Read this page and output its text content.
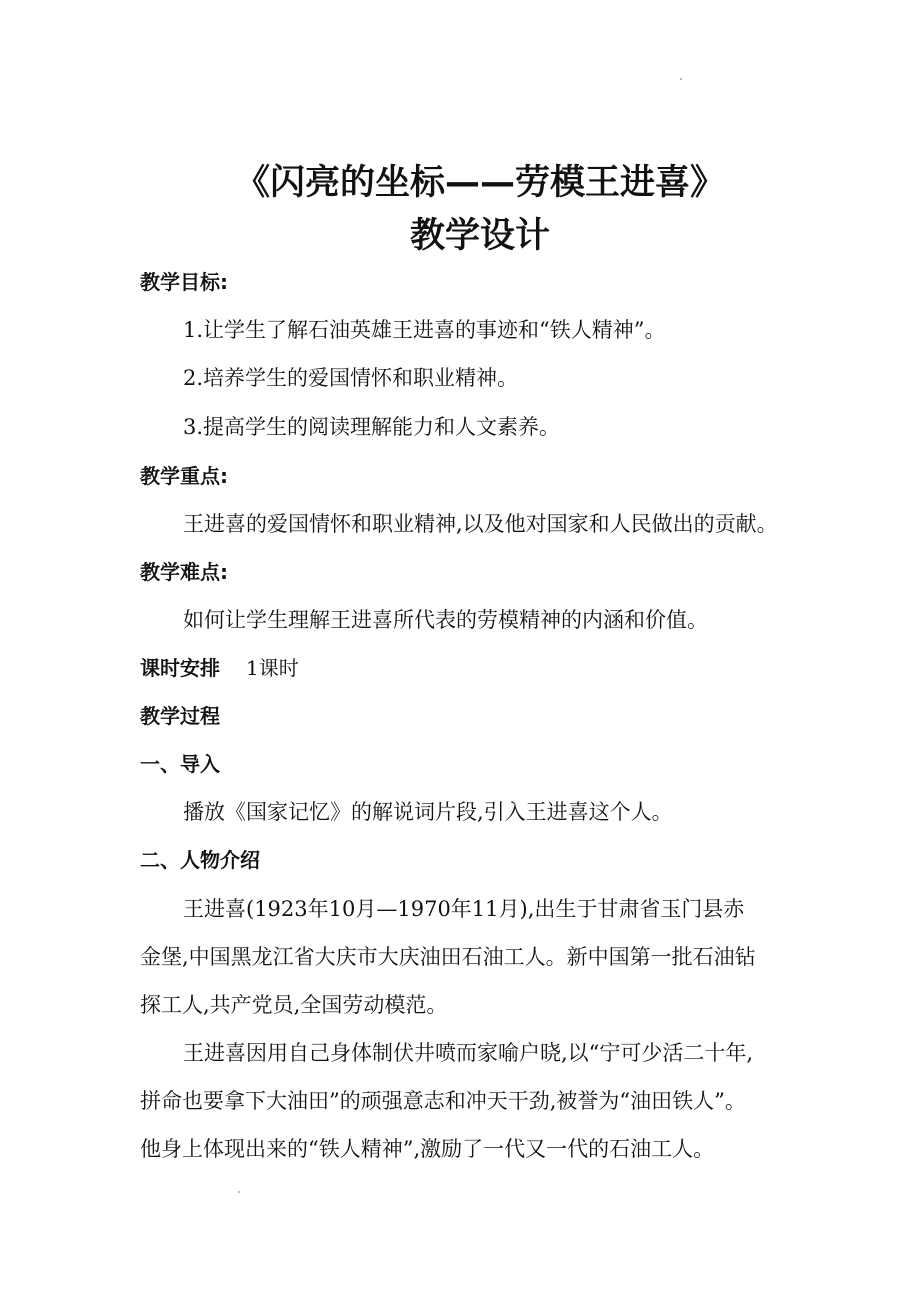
《闪亮的坐标——劳模王进喜》
教学设计
教学目标:
1.让学生了解石油英雄王进喜的事迹和“铁人精神”。
2.培养学生的爱国情怀和职业精神。
3.提高学生的阅读理解能力和人文素养。
教学重点:
王进喜的爱国情怀和职业精神,以及他对国家和人民做出的贡献。
教学难点:
如何让学生理解王进喜所代表的劳模精神的内涵和价值。
课时安排 1课时
教学过程
一、导入
播放《国家记忆》的解说词片段,引入王进喜这个人。
二、人物介绍
王进喜(1923年10月—1970年11月),出生于甘肃省玉门县赤
金堡,中国黑龙江省大庆市大庆油田石油工人。新中国第一批石油钻
探工人,共产党员,全国劳动模范。
王进喜因用自己身体制伏井喷而家喻户晓,以“宁可少活二十年,
拼命也要拿下大油田”的顽强意志和冲天干劲,被誉为“油田铁人”。
他身上体现出来的“铁人精神”,激励了一代又一代的石油工人。
